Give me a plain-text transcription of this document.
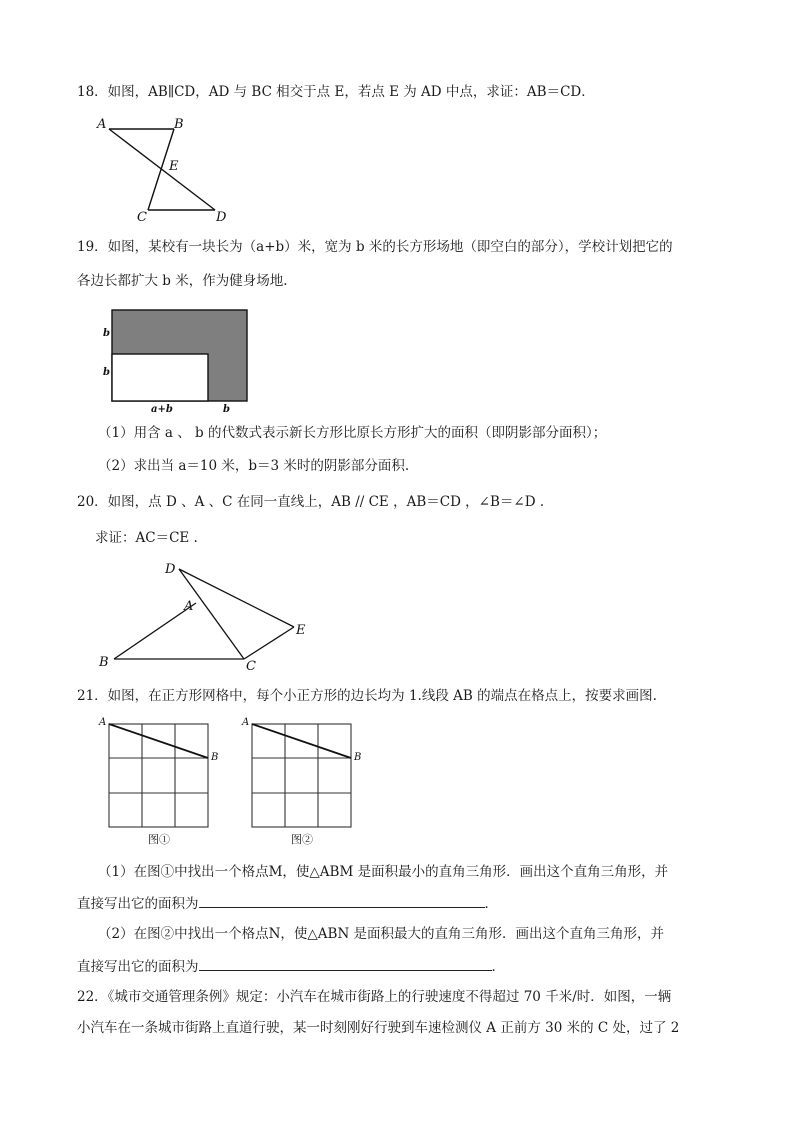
18．如图，AB∥CD，AD 与 BC 相交于点 E，若点 E 为 AD 中点，求证：AB＝CD．
A	B
E
C	D
19．如图，某校有一块长为（a+b）米，宽为 b 米的长方形场地（即空白的部分），学校计划把它的
各边长都扩大 b 米，作为健身场地.
b
b
a+b	b
（1）用含 a 、 b 的代数式表示新长方形比原长方形扩大的面积（即阴影部分面积）；
（2）求出当 a＝10 米，b＝3 米时的阴影部分面积.
20．如图，点 D 、A 、C 在同一直线上，AB // CE ，AB＝CD ，∠B＝∠D .
求证：AC＝CE .
D
A
B	C
E
21．如图，在正方形网格中，每个小正方形的边长均为 1.线段 AB 的端点在格点上，按要求画图.
A
B
图①
A
B
图②
（1）在图①中找出一个格点M，使△ABM 是面积最小的直角三角形．画出这个直角三角形，并
直接写出它的面积为	．
（2）在图②中找出一个格点N，使△ABN 是面积最大的直角三角形．画出这个直角三角形，并
直接写出它的面积为	．
22．《城市交通管理条例》规定：小汽车在城市街路上的行驶速度不得超过 70 千米/时．如图，一辆
小汽车在一条城市街路上直道行驶，某一时刻刚好行驶到车速检测仪 A 正前方 30 米的 C 处，过了 2
